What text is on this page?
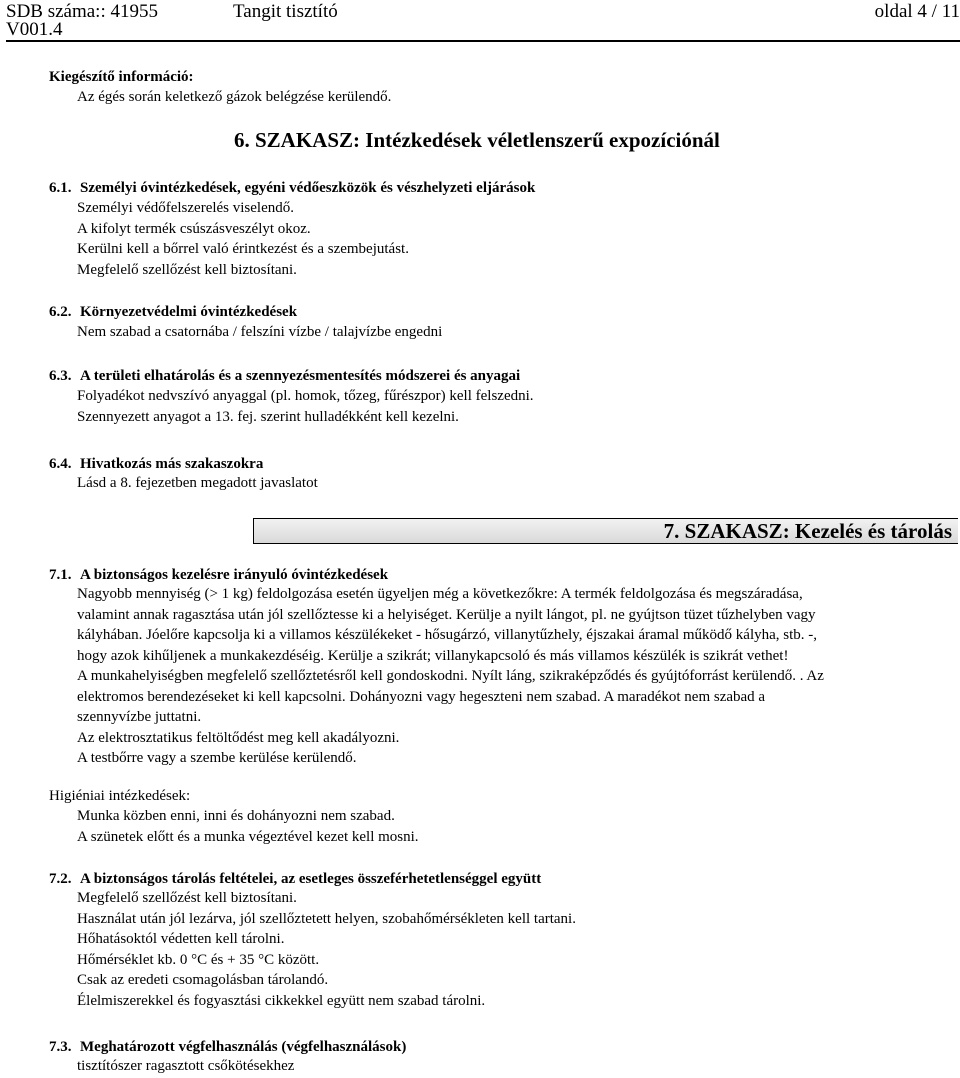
SDB száma:: 41955	Tangit tisztító	oldal 4 / 11
V001.4
Kiegészítő információ:
Az égés során keletkező gázok belégzése kerülendő.
6. SZAKASZ: Intézkedések véletlenszerű expozíciónál
6.1. Személyi óvintézkedések, egyéni védőeszközök és vészhelyzeti eljárások
Személyi védőfelszerelés viselendő.
A kifolyt termék csúszásveszélyt okoz.
Kerülni kell a bőrrel való érintkezést és a szembejutást.
Megfelelő szellőzést kell biztosítani.
6.2. Környezetvédelmi óvintézkedések
Nem szabad a csatornába / felszíni vízbe / talajvízbe engedni
6.3. A területi elhatárolás és a szennyezésmentesítés módszerei és anyagai
Folyadékot nedvszívó anyaggal (pl. homok, tőzeg, fűrészpor) kell felszedni.
Szennyezett anyagot a 13. fej. szerint hulladékként kell kezelni.
6.4. Hivatkozás más szakaszokra
Lásd a 8. fejezetben megadott javaslatot
7. SZAKASZ: Kezelés és tárolás
7.1. A biztonságos kezelésre irányuló óvintézkedések
Nagyobb mennyiség (> 1 kg) feldolgozása esetén ügyeljen még a következőkre: A termék feldolgozása és megszáradása,
valamint annak ragasztása után jól szellőztesse ki a helyiséget. Kerülje a nyilt lángot, pl. ne gyújtson tüzet tűzhelyben vagy
kályhában. Jóelőre kapcsolja ki a villamos készülékeket - hősugárzó, villanytűzhely, éjszakai áramal működő kályha, stb. -,
hogy azok kihűljenek a munkakezdéséig. Kerülje a szikrát; villanykapcsoló és más villamos készülék is szikrát vethet!
A munkahelyiségben megfelelő szellőztetésről kell gondoskodni. Nyílt láng, szikraképződés és gyújtóforrást kerülendő. . Az
elektromos berendezéseket ki kell kapcsolni. Dohányozni vagy hegeszteni nem szabad. A maradékot nem szabad a
szennyvízbe juttatni.
Az elektrosztatikus feltöltődést meg kell akadályozni.
A testbőrre vagy a szembe kerülése kerülendő.
Higiéniai intézkedések:
Munka közben enni, inni és dohányozni nem szabad.
A szünetek előtt és a munka végeztével kezet kell mosni.
7.2. A biztonságos tárolás feltételei, az esetleges összeférhetetlenséggel együtt
Megfelelő szellőzést kell biztosítani.
Használat után jól lezárva, jól szellőztetett helyen, szobahőmérsékleten kell tartani.
Hőhatásoktól védetten kell tárolni.
Hőmérséklet kb. 0 °C és + 35 °C között.
Csak az eredeti csomagolásban tárolandó.
Élelmiszerekkel és fogyasztási cikkekkel együtt nem szabad tárolni.
7.3. Meghatározott végfelhasználás (végfelhasználások)
tisztítószer ragasztott csőkötésekhez
